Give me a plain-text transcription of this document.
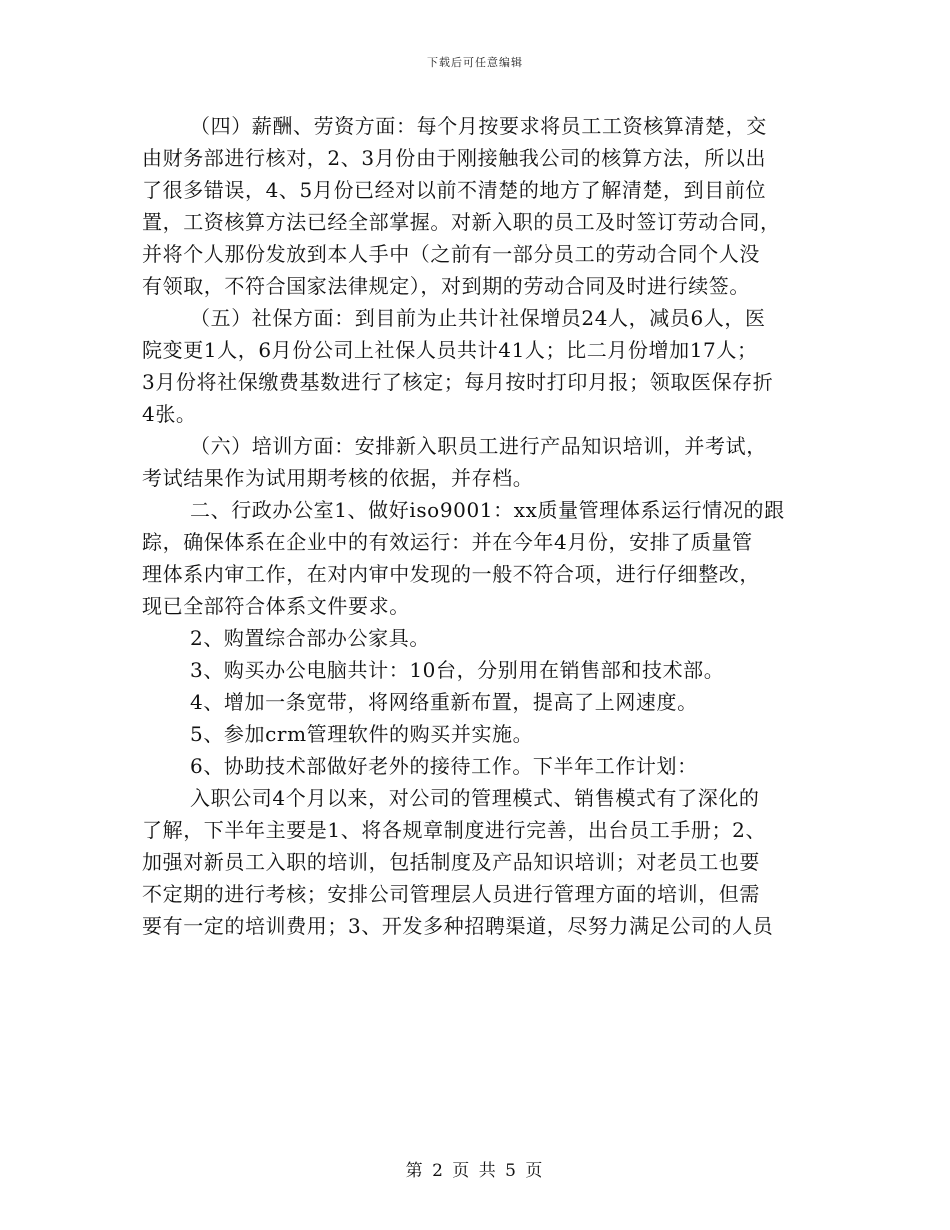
下载后可任意编辑
（四）薪酬、劳资方面：每个月按要求将员工工资核算清楚，交
由财务部进行核对，2、3月份由于刚接触我公司的核算方法，所以出
了很多错误，4、5月份已经对以前不清楚的地方了解清楚，到目前位
置，工资核算方法已经全部掌握。对新入职的员工及时签订劳动合同，
并将个人那份发放到本人手中（之前有一部分员工的劳动合同个人没
有领取，不符合国家法律规定），对到期的劳动合同及时进行续签。
（五）社保方面：到目前为止共计社保增员24人，减员6人，医
院变更1人，6月份公司上社保人员共计41人；比二月份增加17人；
3月份将社保缴费基数进行了核定；每月按时打印月报；领取医保存折
4张。
（六）培训方面：安排新入职员工进行产品知识培训，并考试，
考试结果作为试用期考核的依据，并存档。
二、行政办公室1、做好iso9001：xx质量管理体系运行情况的跟
踪，确保体系在企业中的有效运行：并在今年4月份，安排了质量管
理体系内审工作，在对内审中发现的一般不符合项，进行仔细整改，
现已全部符合体系文件要求。
2、购置综合部办公家具。
3、购买办公电脑共计：10台，分别用在销售部和技术部。
4、增加一条宽带，将网络重新布置，提高了上网速度。
5、参加crm管理软件的购买并实施。
6、协助技术部做好老外的接待工作。下半年工作计划：
入职公司4个月以来，对公司的管理模式、销售模式有了深化的
了解，下半年主要是1、将各规章制度进行完善，出台员工手册；2、
加强对新员工入职的培训，包括制度及产品知识培训；对老员工也要
不定期的进行考核；安排公司管理层人员进行管理方面的培训，但需
要有一定的培训费用；3、开发多种招聘渠道，尽努力满足公司的人员
第 2 页 共 5 页
